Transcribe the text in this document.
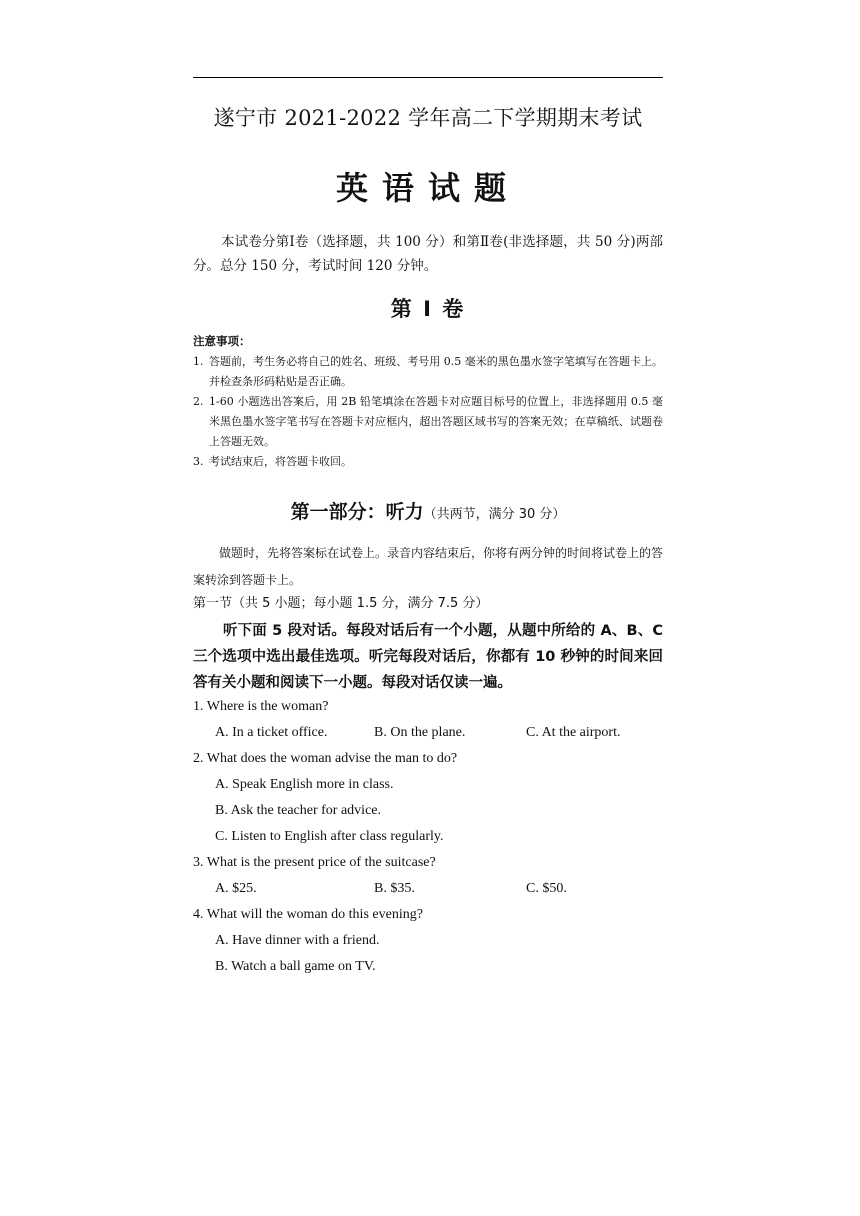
遂宁市 2021-2022 学年高二下学期期末考试
英语试题
本试卷分第Ⅰ卷（选择题，共 100 分）和第Ⅱ卷(非选择题，共 50 分)两部分。总分 150 分，考试时间 120 分钟。
第 Ⅰ 卷
注意事项：
1. 答题前，考生务必将自己的姓名、班级、考号用 0.5 毫米的黑色墨水签字笔填写在答题卡上。并检查条形码粘贴是否正确。
2. 1-60 小题选出答案后，用 2B 铅笔填涂在答题卡对应题目标号的位置上，非选择题用 0.5 毫米黑色墨水签字笔书写在答题卡对应框内，超出答题区域书写的答案无效；在草稿纸、试题卷上答题无效。
3. 考试结束后，将答题卡收回。
第一部分：听力（共两节，满分 30 分）
做题时，先将答案标在试卷上。录音内容结束后，你将有两分钟的时间将试卷上的答案转涂到答题卡上。
第一节（共 5 小题；每小题 1.5 分，满分 7.5 分）
听下面 5 段对话。每段对话后有一个小题，从题中所给的 A、B、C 三个选项中选出最佳选项。听完每段对话后，你都有 10 秒钟的时间来回答有关小题和阅读下一小题。每段对话仅读一遍。
1. Where is the woman?
A. In a ticket office.	B. On the plane.	C. At the airport.
2. What does the woman advise the man to do?
A. Speak English more in class.
B. Ask the teacher for advice.
C. Listen to English after class regularly.
3. What is the present price of the suitcase?
A. $25.	B. $35.	C. $50.
4. What will the woman do this evening?
A. Have dinner with a friend.
B. Watch a ball game on TV.
